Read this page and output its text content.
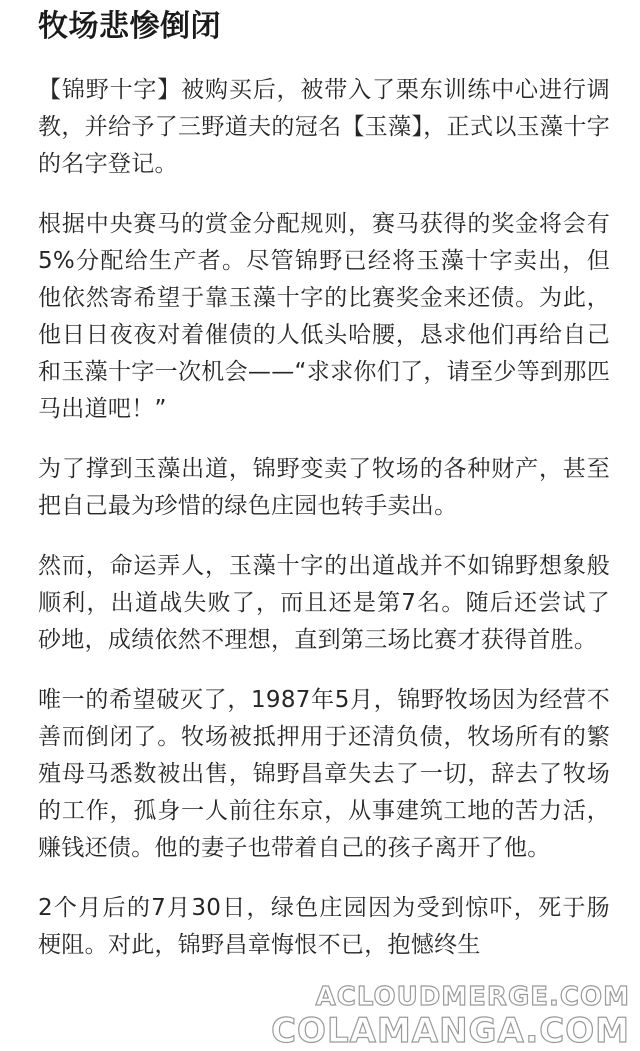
牧场悲惨倒闭

【锦野十字】被购买后，被带入了栗东训练中心进行调教，并给予了三野道夫的冠名【玉藻】，正式以玉藻十字的名字登记。

根据中央赛马的赏金分配规则，赛马获得的奖金将会有5%分配给生产者。尽管锦野已经将玉藻十字卖出，但他依然寄希望于靠玉藻十字的比赛奖金来还债。为此，他日日夜夜对着催债的人低头哈腰，恳求他们再给自己和玉藻十字一次机会——“求求你们了，请至少等到那匹马出道吧！”

为了撑到玉藻出道，锦野变卖了牧场的各种财产，甚至把自己最为珍惜的绿色庄园也转手卖出。

然而，命运弄人，玉藻十字的出道战并不如锦野想象般顺利，出道战失败了，而且还是第7名。随后还尝试了砂地，成绩依然不理想，直到第三场比赛才获得首胜。

唯一的希望破灭了，1987年5月，锦野牧场因为经营不善而倒闭了。牧场被抵押用于还清负债，牧场所有的繁殖母马悉数被出售，锦野昌章失去了一切，辞去了牧场的工作，孤身一人前往东京，从事建筑工地的苦力活，赚钱还债。他的妻子也带着自己的孩子离开了他。

2个月后的7月30日，绿色庄园因为受到惊吓，死于肠梗阻。对此，锦野昌章悔恨不已，抱憾终生

ACLOUDMERGE.COM
COLAMANGA.COM
